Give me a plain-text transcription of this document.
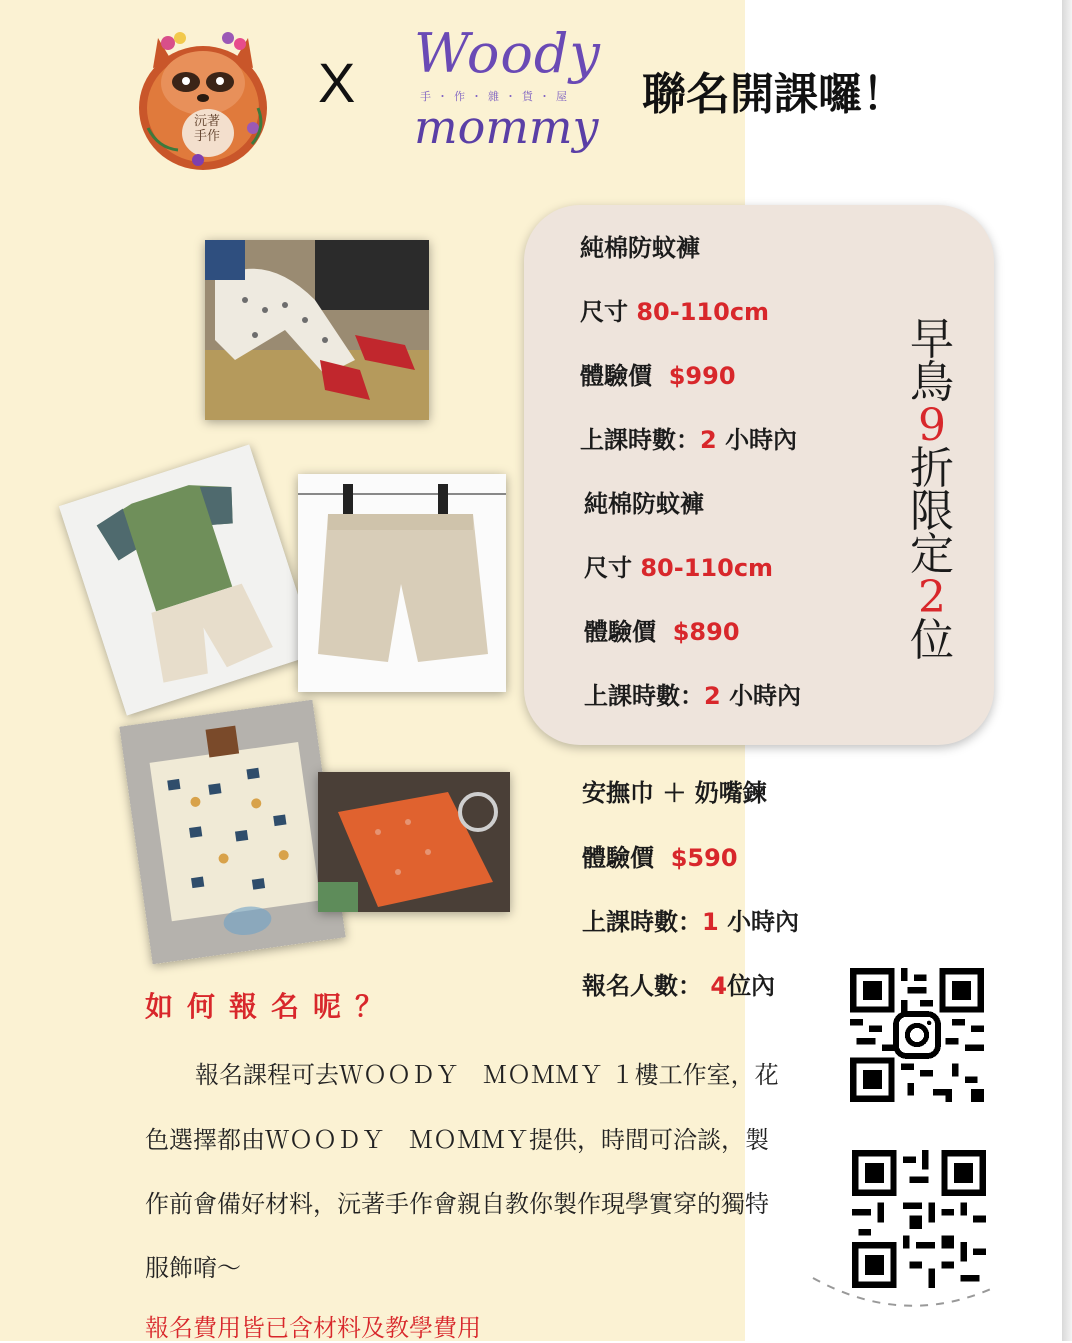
沅著手作
X Woody
手・作・雜・貨・屋
mommy
聯名開課囉！
純棉防蚊褲
尺寸 80-110cm
體驗價 $990
上課時數：2 小時內
純棉防蚊褲
尺寸 80-110cm
體驗價 $890
上課時數：2 小時內
早
鳥
9
折
限
定
2
位
安撫巾 ＋ 奶嘴鍊
體驗價 $590
上課時數：1 小時內
報名人數： 4位內
如何報名呢？
報名課程可去ＷＯＯＤＹ　ＭＯＭＭＹ １樓工作室，花
色選擇都由ＷＯＯＤＹ　ＭＯＭＭＹ提供，時間可洽談，製
作前會備好材料，沅著手作會親自教你製作現學實穿的獨特
服飾唷～
報名費用皆已含材料及教學費用
